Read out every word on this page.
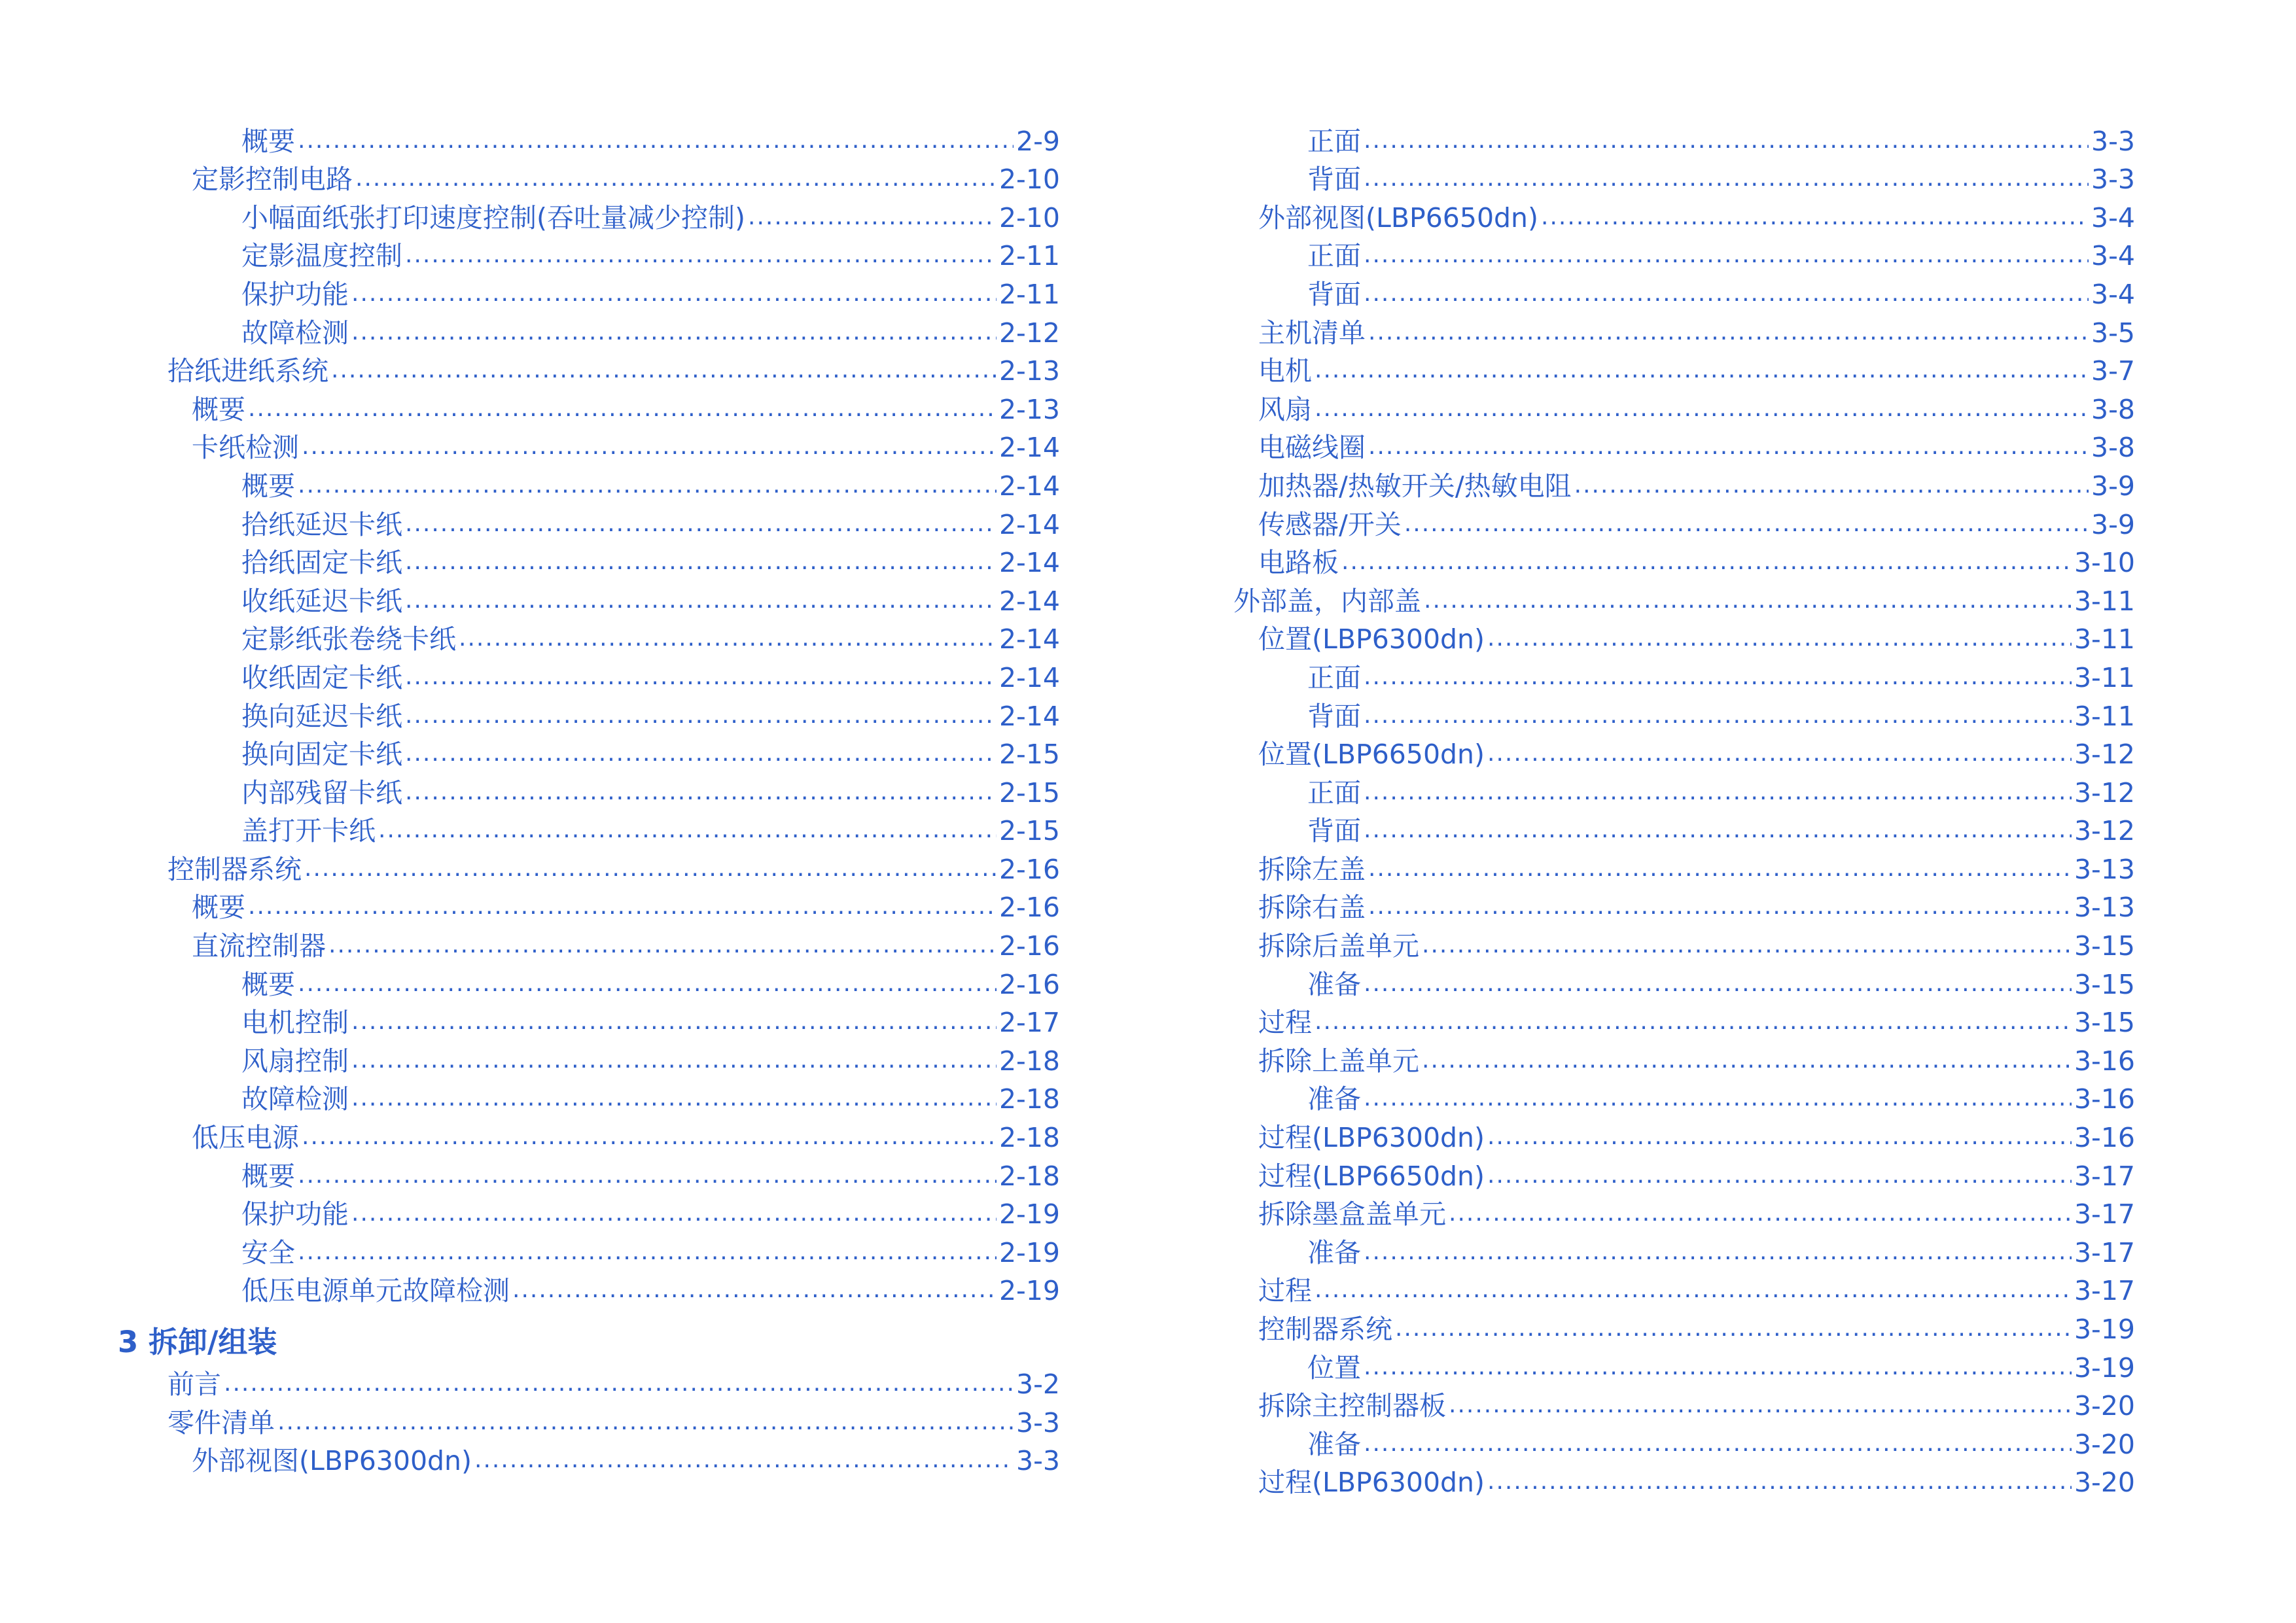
概要 .....	2-9
定影控制电路 .....	2-10
小幅面纸张打印速度控制(吞吐量减少控制) .....	2-10
定影温度控制 .....	2-11
保护功能 .....	2-11
故障检测 .....	2-12
拾纸进纸系统 .....	2-13
概要 .....	2-13
卡纸检测 .....	2-14
概要 .....	2-14
拾纸延迟卡纸 .....	2-14
拾纸固定卡纸 .....	2-14
收纸延迟卡纸 .....	2-14
定影纸张卷绕卡纸 .....	2-14
收纸固定卡纸 .....	2-14
换向延迟卡纸 .....	2-14
换向固定卡纸 .....	2-15
内部残留卡纸 .....	2-15
盖打开卡纸 .....	2-15
控制器系统 .....	2-16
概要 .....	2-16
直流控制器 .....	2-16
概要 .....	2-16
电机控制 .....	2-17
风扇控制 .....	2-18
故障检测 .....	2-18
低压电源 .....	2-18
概要 .....	2-18
保护功能 .....	2-19
安全 .....	2-19
低压电源单元故障检测 .....	2-19
3 拆卸/组装
前言 .....	3-2
零件清单 .....	3-3
外部视图(LBP6300dn) .....	3-3
正面 .....	3-3
背面 .....	3-3
外部视图(LBP6650dn) .....	3-4
正面 .....	3-4
背面 .....	3-4
主机清单 .....	3-5
电机 .....	3-7
风扇 .....	3-8
电磁线圈 .....	3-8
加热器/热敏开关/热敏电阻 .....	3-9
传感器/开关 .....	3-9
电路板 .....	3-10
外部盖，内部盖 .....	3-11
位置(LBP6300dn) .....	3-11
正面 .....	3-11
背面 .....	3-11
位置(LBP6650dn) .....	3-12
正面 .....	3-12
背面 .....	3-12
拆除左盖 .....	3-13
拆除右盖 .....	3-13
拆除后盖单元 .....	3-15
准备 .....	3-15
过程 .....	3-15
拆除上盖单元 .....	3-16
准备 .....	3-16
过程(LBP6300dn) .....	3-16
过程(LBP6650dn) .....	3-17
拆除墨盒盖单元 .....	3-17
准备 .....	3-17
过程 .....	3-17
控制器系统 .....	3-19
位置 .....	3-19
拆除主控制器板 .....	3-20
准备 .....	3-20
过程(LBP6300dn) .....	3-20
